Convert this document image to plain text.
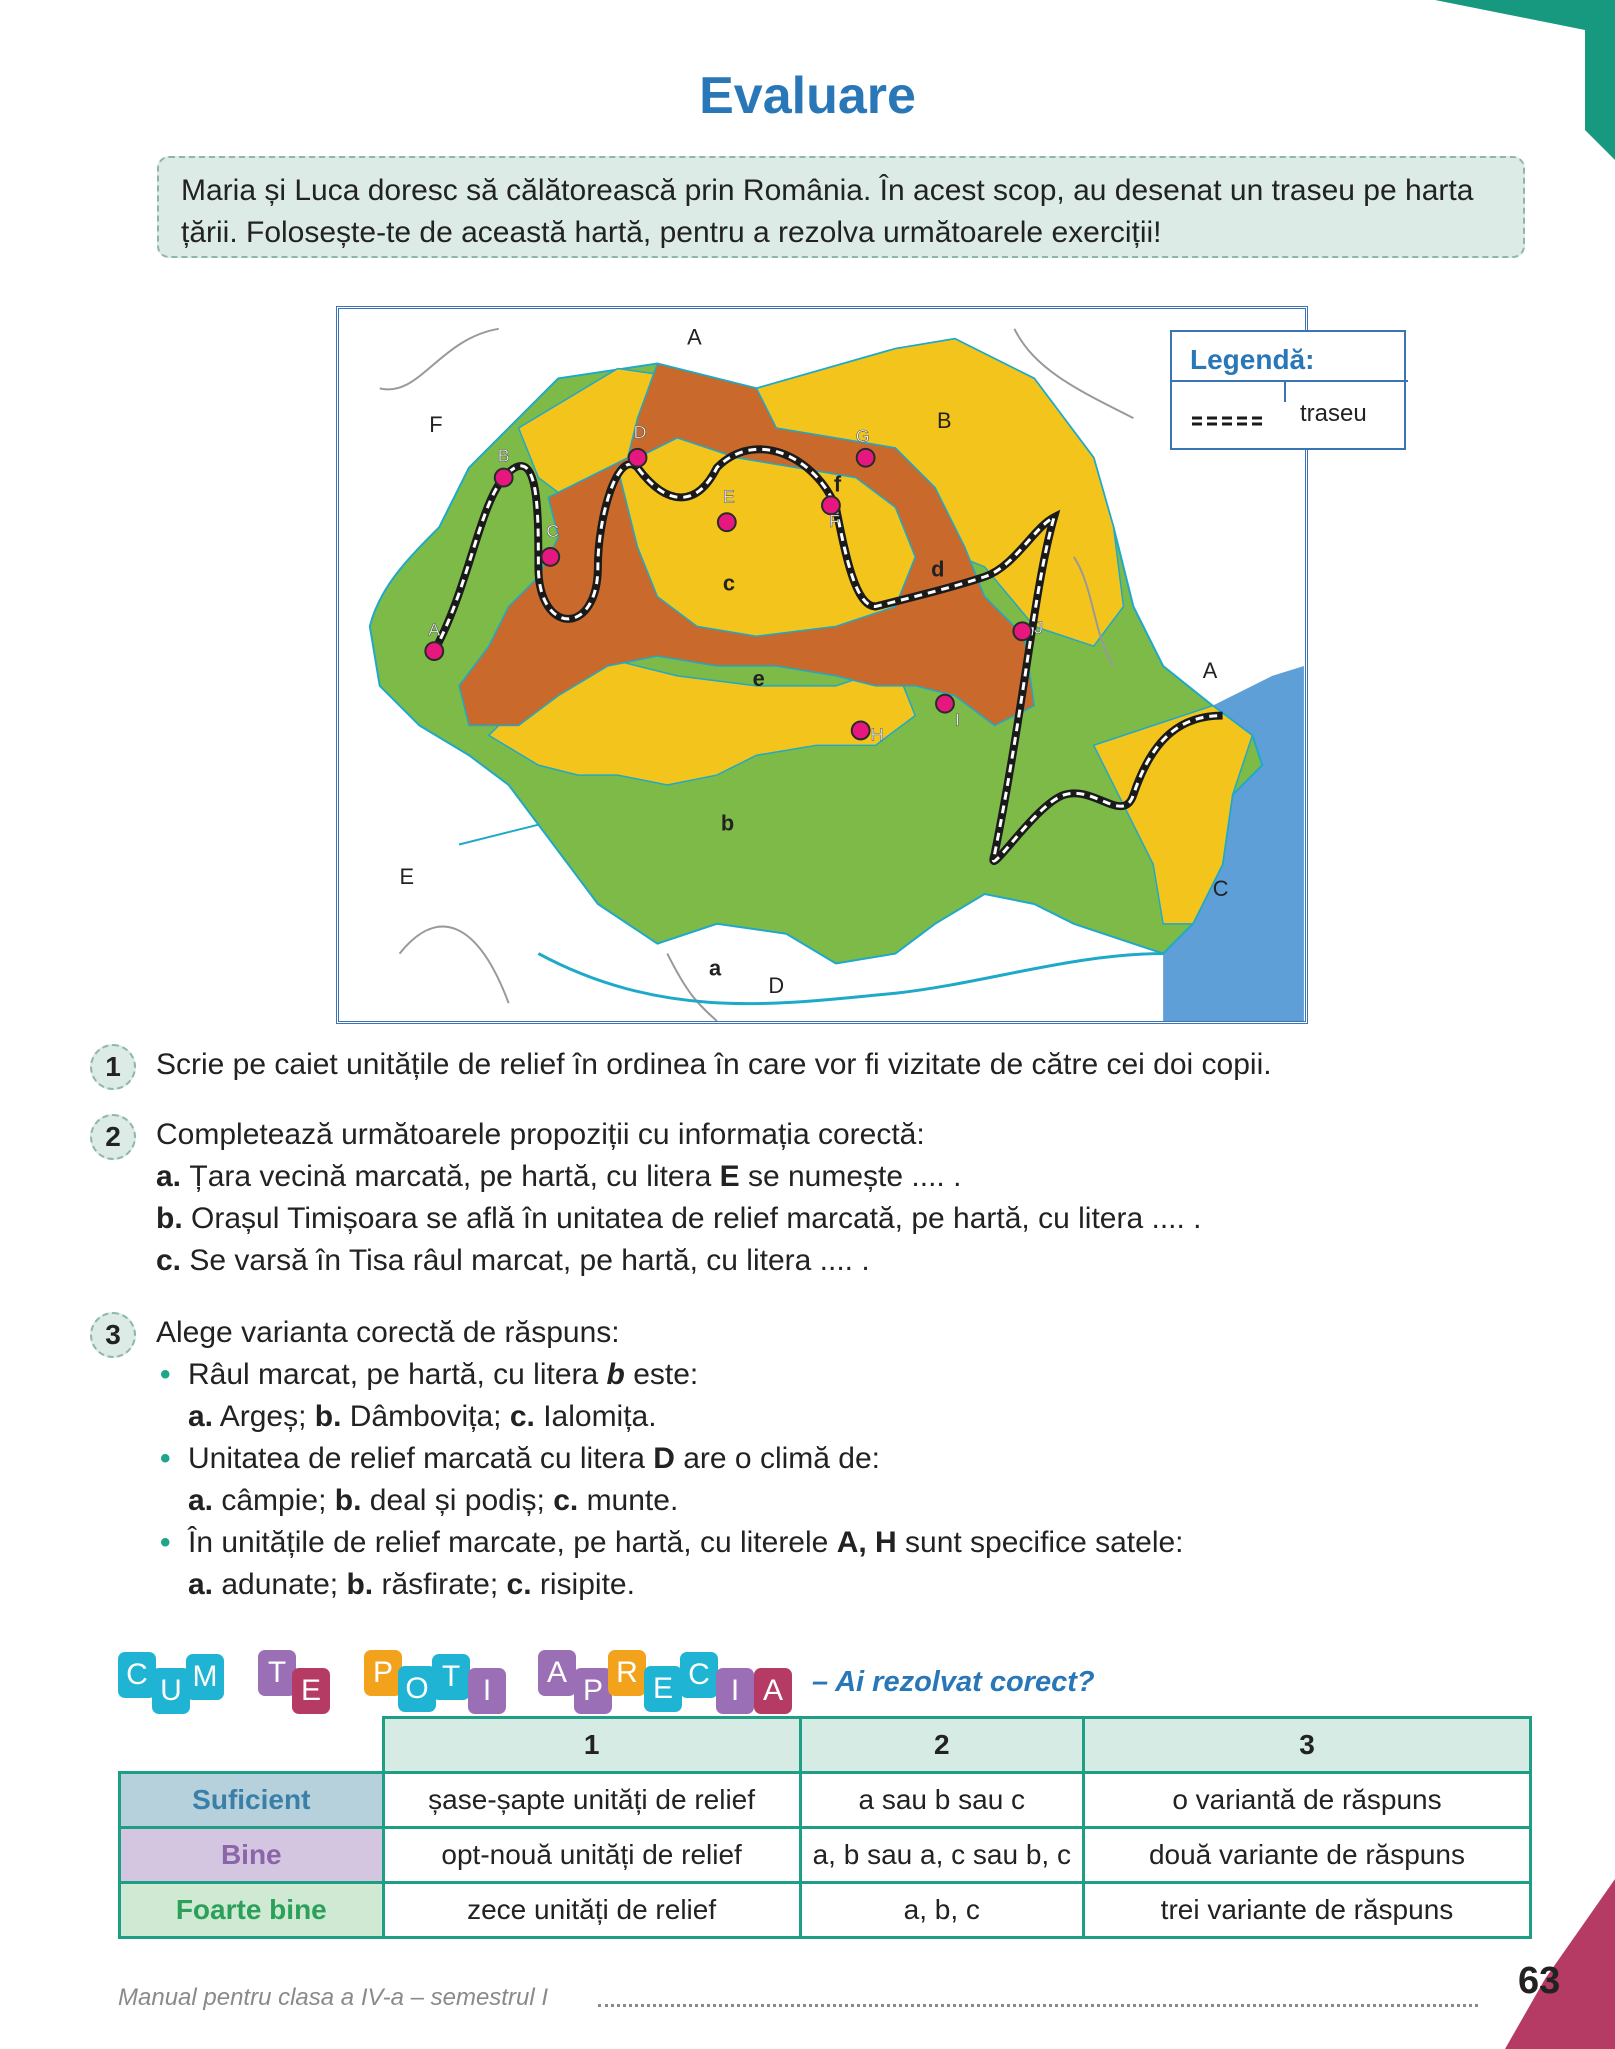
Evaluare
Maria și Luca doresc să călătorească prin România. În acest scop, au desenat un traseu pe harta
țării. Folosește-te de această hartă, pentru a rezolva următoarele exerciții!
A
B
A
C
D
E
F
a
b
c
d
e
f
A
B
C
D
E
F
G
H
I
J
Legendă:
traseu
1	Scrie pe caiet unitățile de relief în ordinea în care vor fi vizitate de către cei doi copii.
2	Completează următoarele propoziții cu informația corectă:
a. Țara vecină marcată, pe hartă, cu litera E se numește .... .
b. Orașul Timișoara se află în unitatea de relief marcată, pe hartă, cu litera .... .
c. Se varsă în Tisa râul marcat, pe hartă, cu litera .... .
3	Alege varianta corectă de răspuns:
• Râul marcat, pe hartă, cu litera b este:
a. Argeș; b. Dâmbovița; c. Ialomița.
• Unitatea de relief marcată cu litera D are o climă de:
a. câmpie; b. deal și podiș; c. munte.
• În unitățile de relief marcate, pe hartă, cu literele A, H sunt specifice satele:
a. adunate; b. răsfirate; c. risipite.
C U M	T
E
P O T I
A
P
R E C I A	– Ai rezolvat corect?
	1	2	3
Suficient	șase-șapte unități de relief	a sau b sau c	o variantă de răspuns
Bine	opt-nouă unități de relief	a, b sau a, c sau b, c	două variante de răspuns
Foarte bine	zece unități de relief	a, b, c	trei variante de răspuns
Manual pentru clasa a IV-a – semestrul I	63
